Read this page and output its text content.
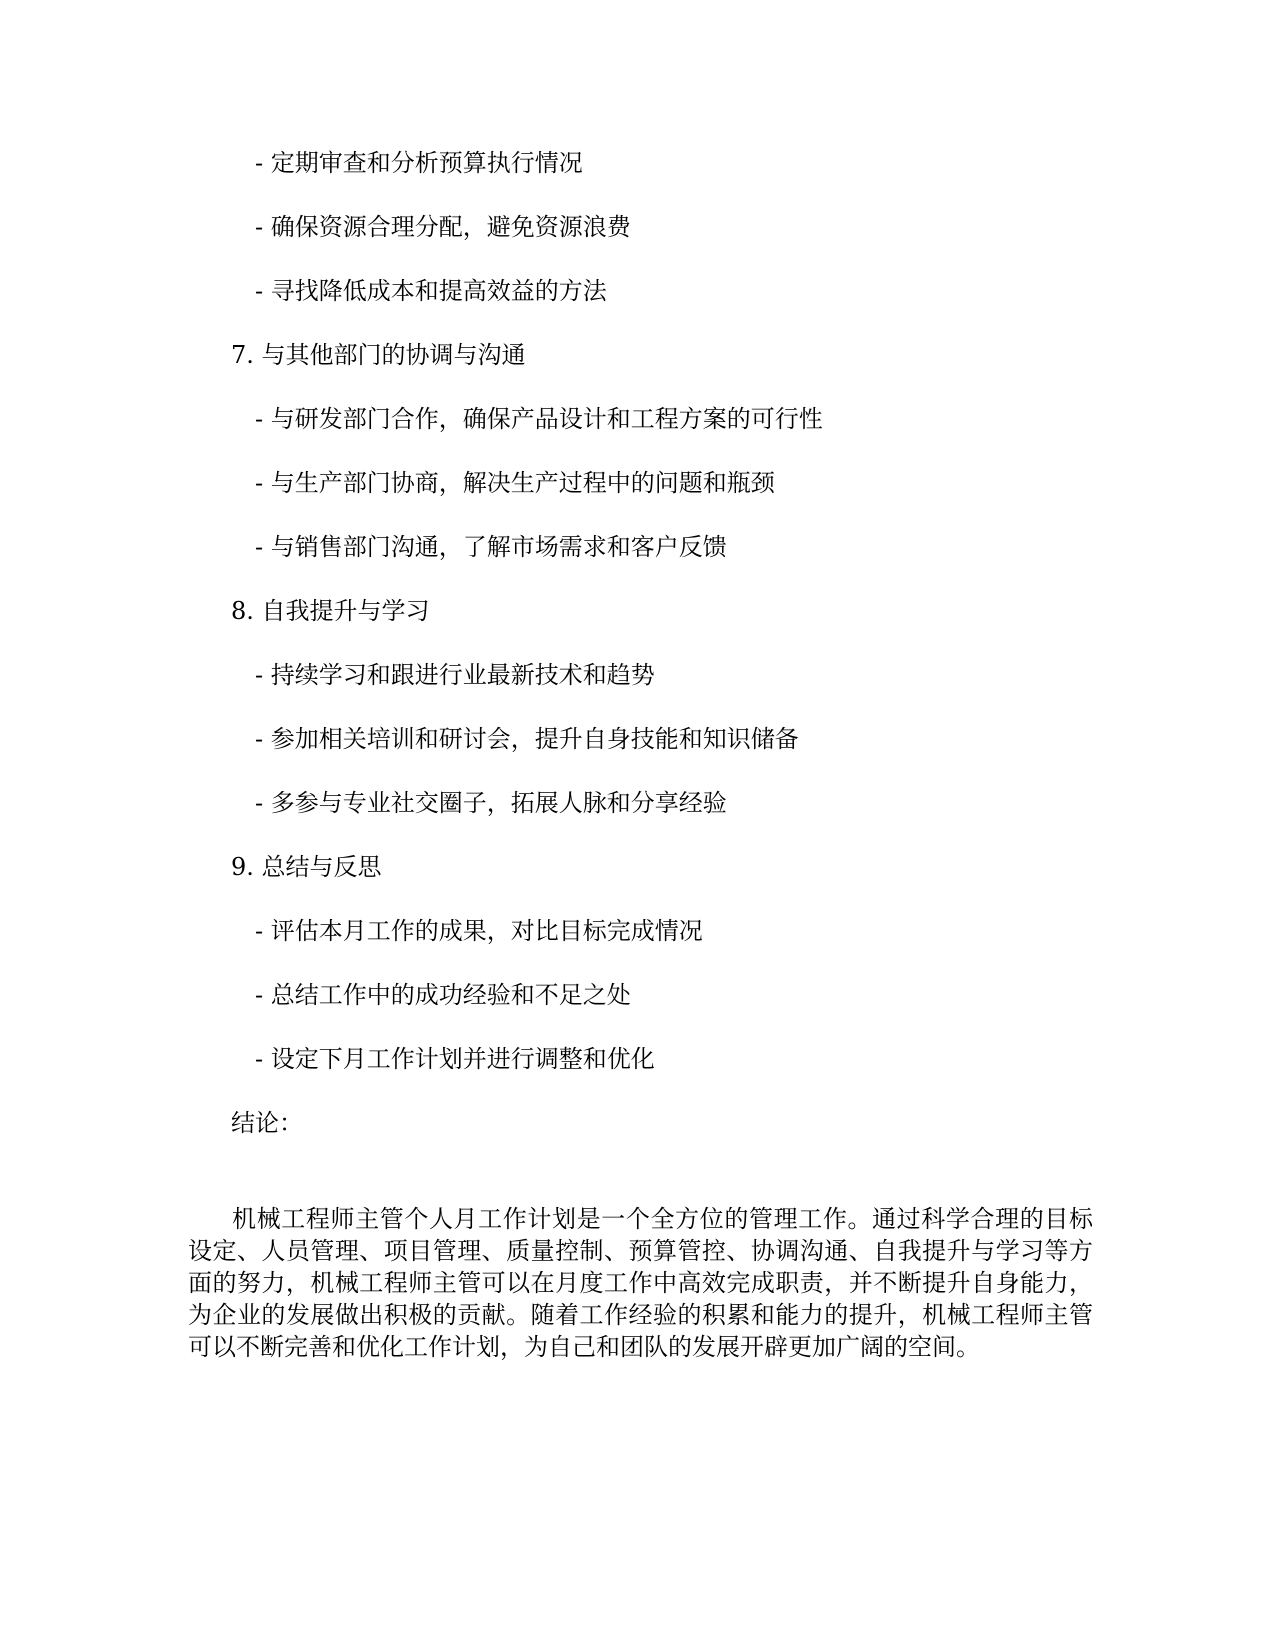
- 定期审查和分析预算执行情况
- 确保资源合理分配，避免资源浪费
- 寻找降低成本和提高效益的方法
7. 与其他部门的协调与沟通
- 与研发部门合作，确保产品设计和工程方案的可行性
- 与生产部门协商，解决生产过程中的问题和瓶颈
- 与销售部门沟通，了解市场需求和客户反馈
8. 自我提升与学习
- 持续学习和跟进行业最新技术和趋势
- 参加相关培训和研讨会，提升自身技能和知识储备
- 多参与专业社交圈子，拓展人脉和分享经验
9. 总结与反思
- 评估本月工作的成果，对比目标完成情况
- 总结工作中的成功经验和不足之处
- 设定下月工作计划并进行调整和优化
结论：
机械工程师主管个人月工作计划是一个全方位的管理工作。通过科学合理的目标设定、人员管理、项目管理、质量控制、预算管控、协调沟通、自我提升与学习等方面的努力，机械工程师主管可以在月度工作中高效完成职责，并不断提升自身能力，为企业的发展做出积极的贡献。随着工作经验的积累和能力的提升，机械工程师主管可以不断完善和优化工作计划，为自己和团队的发展开辟更加广阔的空间。
